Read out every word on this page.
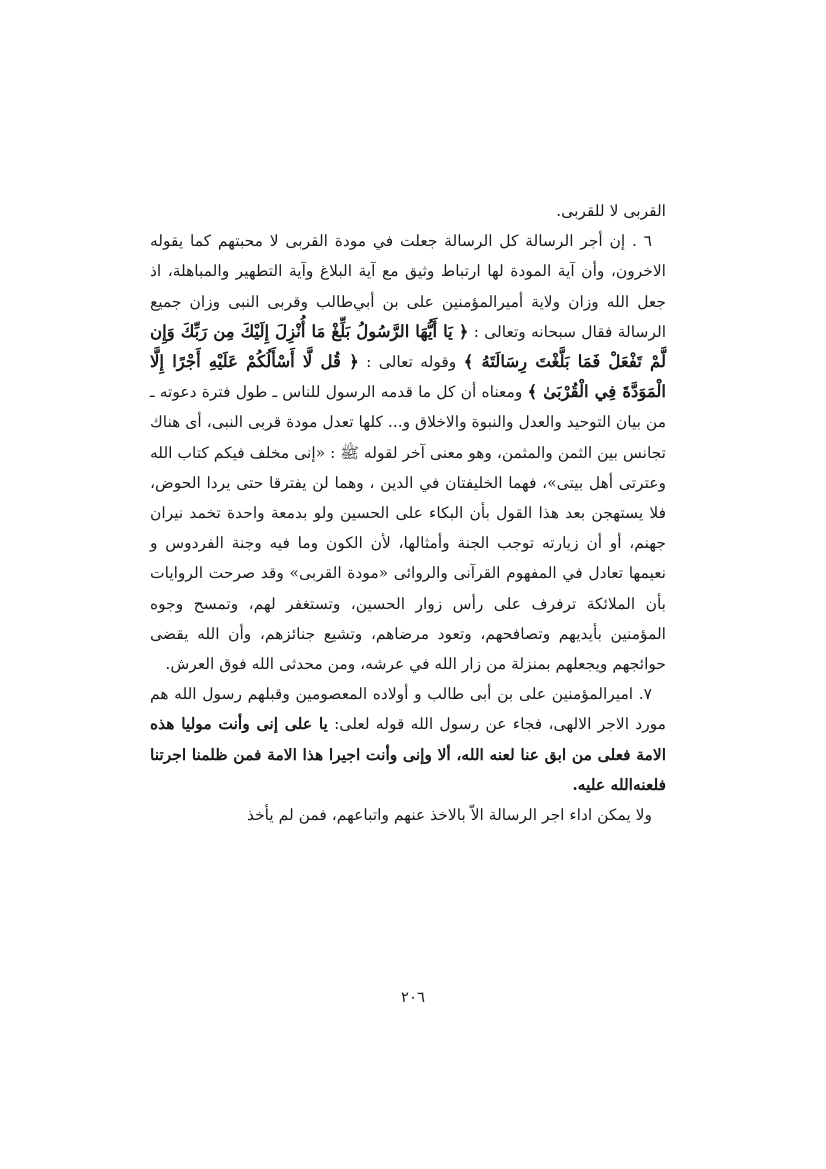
القربى لا للقربى.

٦ . إن أجر الرسالة كل الرسالة جعلت في مودة القربى لا محبتهم كما يقوله الاخرون، وأن آية المودة لها ارتباط وثيق مع آية البلاغ وآية التطهير والمباهلة، اذ جعل الله وزان ولاية أميرالمؤمنين على بن أبي‌طالب وقربى النبى وزان جميع الرسالة فقال سبحانه وتعالى : ﴿ يَا أَيُّهَا الرَّسُولُ بَلِّغْ مَا أُنْزِلَ إِلَيْكَ مِن رَبِّكَ وَإِن لَّمْ تَفْعَلْ فَمَا بَلَّغْتَ رِسَالَتَهُ ﴾ وقوله تعالى : ﴿ قُل لَّا أَسْأَلُكُمْ عَلَيْهِ أَجْرًا إِلَّا الْمَوَدَّةَ فِي الْقُرْبَىٰ ﴾ ومعناه أن كل ما قدمه الرسول للناس ـ طول فترة دعوته ـ من بيان التوحيد والعدل والنبوة والاخلاق و... كلها تعدل مودة قربى النبى، أى هناك تجانس بين الثمن والمثمن، وهو معنى آخر لقوله ﷺ : «إنى مخلف فيكم كتاب الله وعترتى أهل بيتى»، فهما الخليفتان في الدين ، وهما لن يفترقا حتى يردا الحوض، فلا يستهجن بعد هذا القول بأن البكاء على الحسين ولو بدمعة واحدة تخمد نيران جهنم، أو أن زيارته توجب الجنة وأمثالها، لأن الكون وما فيه وجنة الفردوس و نعيمها تعادل في المفهوم القرآنى والروائى «مودة القربى» وقد صرحت الروايات بأن الملائكة ترفرف على رأس زوار الحسين، وتستغفر لهم، وتمسح وجوه المؤمنين بأيديهم وتصافحهم، وتعود مرضاهم، وتشيع جنائزهم، وأن الله يقضى حوائجهم ويجعلهم بمنزلة من زار الله في عرشه، ومن محدثى الله فوق العرش.

٧. اميرالمؤمنين على بن أبى طالب و أولاده المعصومين وقبلهم رسول الله هم مورد الاجر الالهى، فجاء عن رسول الله قوله لعلى: يا على إنى وأنت موليا هذه الامة فعلى من ابق عنا لعنه الله، ألا وإنى وأنت اجيرا هذا الامة فمن ظلمنا اجرتنا فلعنه‌الله عليه.

ولا يمكن اداء اجر الرسالة الاّ بالاخذ عنهم واتباعهم، فمن لم يأخذ

٢٠٦
